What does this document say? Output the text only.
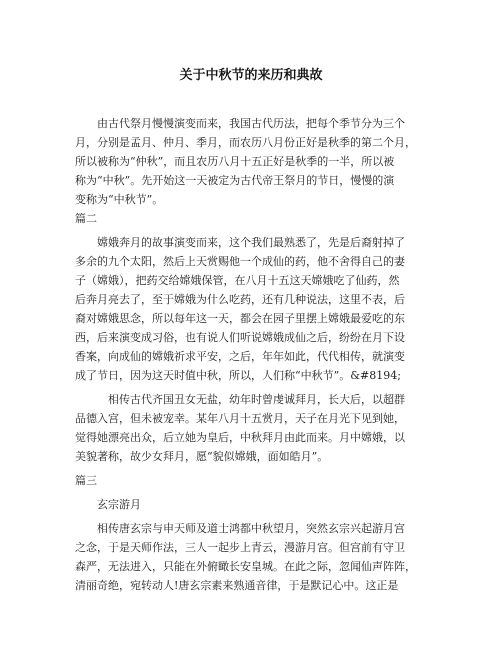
关于中秋节的来历和典故
由古代祭月慢慢演变而来，我国古代历法，把每个季节分为三个
月，分别是孟月、仲月、季月，而农历八月份正好是秋季的第二个月，
所以被称为“仲秋”，而且农历八月十五正好是秋季的一半，所以被
称为“中秋”。先开始这一天被定为古代帝王祭月的节日，慢慢的演
变称为“中秋节”。
篇二
嫦娥奔月的故事演变而来，这个我们最熟悉了，先是后裔射掉了
多余的九个太阳，然后上天赏赐他一个成仙的药，他不舍得自己的妻
子（嫦娥），把药交给嫦娥保管，在八月十五这天嫦娥吃了仙药，然
后奔月亮去了，至于嫦娥为什么吃药，还有几种说法，这里不表，后
裔对嫦娥思念，所以每年这一天，都会在园子里摆上嫦娥最爱吃的东
西，后来演变成习俗，也有说人们听说嫦娥成仙之后，纷纷在月下设
香案，向成仙的嫦娥祈求平安，之后，年年如此，代代相传，就演变
成了节日，因为这天时值中秋，所以，人们称“中秋节”。&#8194;
相传古代齐国丑女无盐，幼年时曾虔诚拜月，长大后，以超群
品德入宫，但未被宠幸。某年八月十五赏月，天子在月光下见到她，
觉得她漂亮出众，后立她为皇后，中秋拜月由此而来。月中嫦娥，以
美貌著称，故少女拜月，愿“貌似嫦娥，面如皓月”。
篇三
玄宗游月
相传唐玄宗与申天师及道士鸿都中秋望月，突然玄宗兴起游月宫
之念，于是天师作法，三人一起步上青云，漫游月宫。但宫前有守卫
森严，无法进入，只能在外俯瞰长安皇城。在此之际，忽闻仙声阵阵，
清丽奇绝，宛转动人!唐玄宗素来熟通音律，于是默记心中。这正是
